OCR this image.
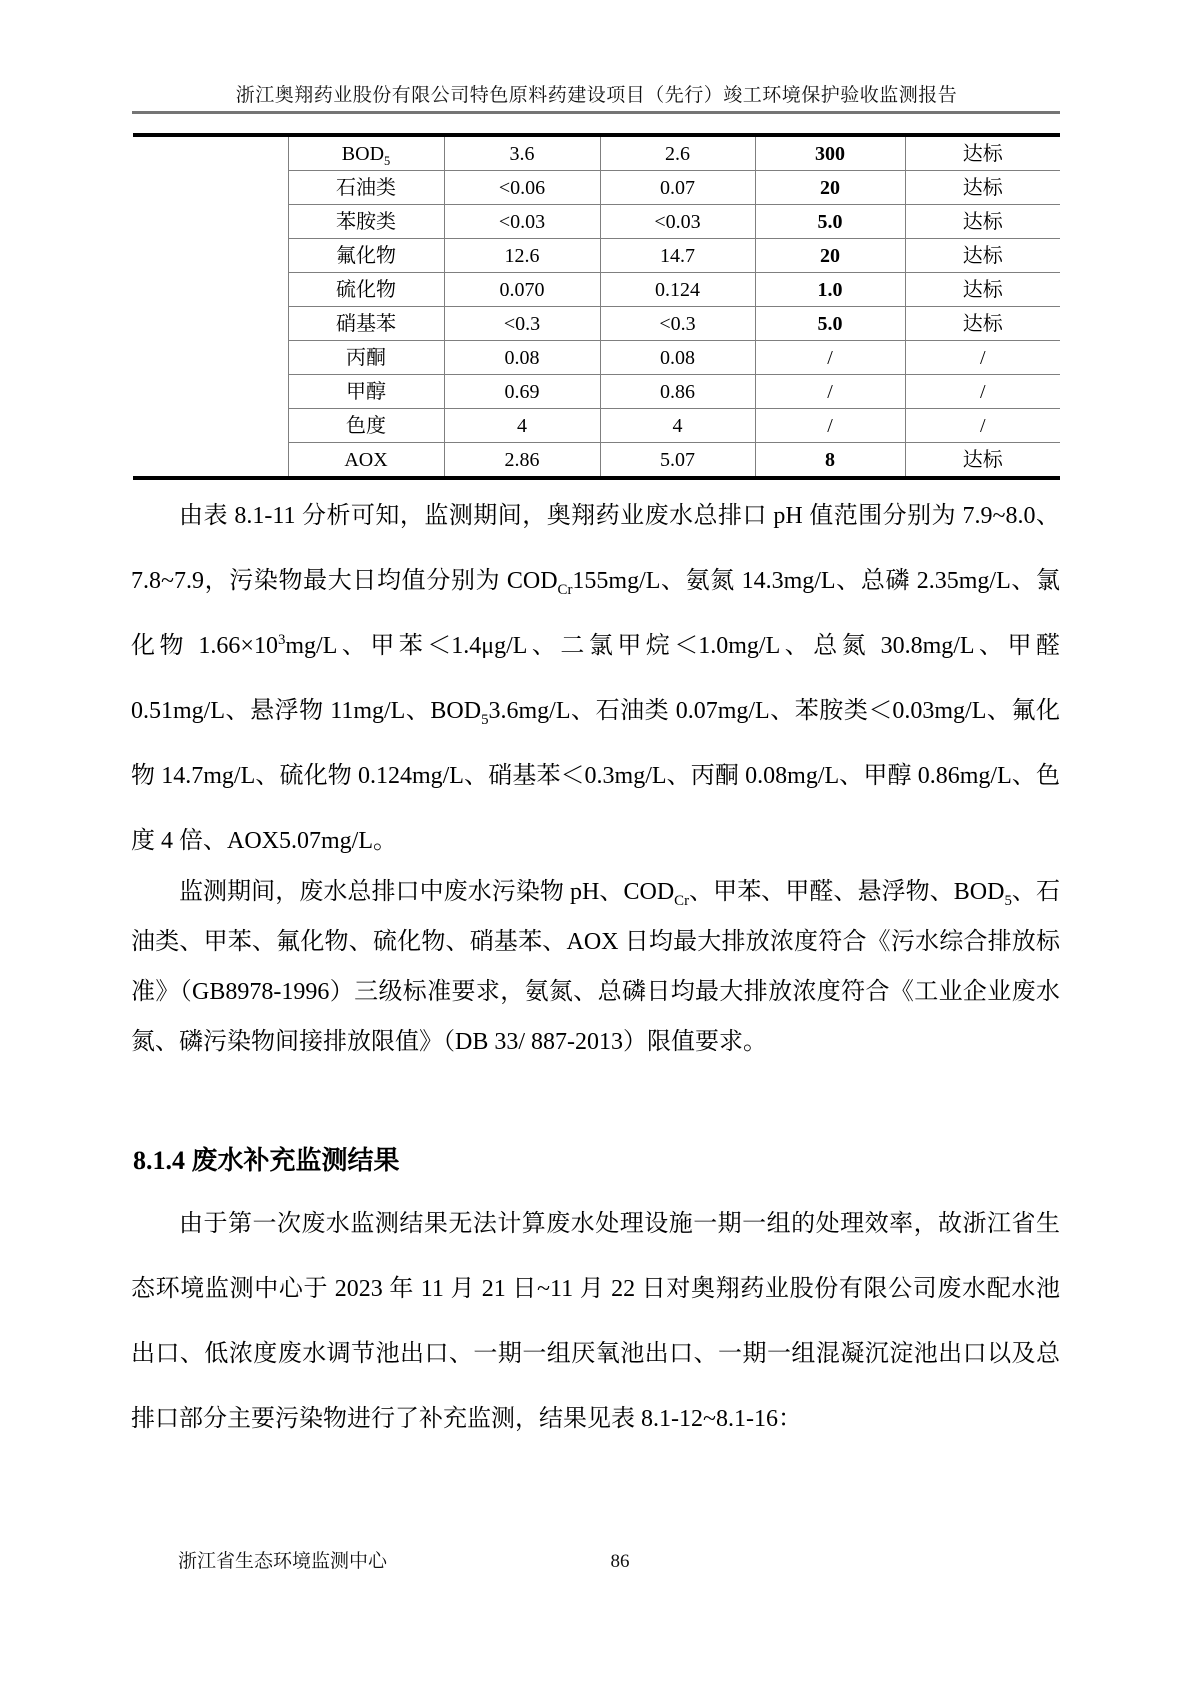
浙江奥翔药业股份有限公司特色原料药建设项目（先行）竣工环境保护验收监测报告
	$BOD_5$	3.6	2.6	300	达标
	石油类	<0.06	0.07	20	达标
	苯胺类	<0.03	<0.03	5.0	达标
	氟化物	12.6	14.7	20	达标
	硫化物	0.070	0.124	1.0	达标
	硝基苯	<0.3	<0.3	5.0	达标
	丙酮	0.08	0.08	/	/
	甲醇	0.69	0.86	/	/
	色度	4	4	/	/
	AOX	2.86	5.07	8	达标

由表 8.1-11 分析可知，监测期间，奥翔药业废水总排口 pH 值范围分别为 7.9~8.0、7.8~7.9，污染物最大日均值分别为 $COD_{Cr}155mg/L$、氨氮 14.3mg/L、总磷 2.35mg/L、氯化物 $1.66\times 10^3mg/L$、甲苯＜1.4μg/L、二氯甲烷＜1.0mg/L、总氮 30.8mg/L、甲醛 0.51mg/L、悬浮物 11mg/L、$BOD_53.6mg/L$、石油类 0.07mg/L、苯胺类＜0.03mg/L、氟化物 14.7mg/L、硫化物 0.124mg/L、硝基苯＜0.3mg/L、丙酮 0.08mg/L、甲醇 0.86mg/L、色度 4 倍、AOX5.07mg/L。

监测期间，废水总排口中废水污染物 pH、$COD_{Cr}$、甲苯、甲醛、悬浮物、$BOD_5$、石油类、甲苯、氟化物、硫化物、硝基苯、AOX 日均最大排放浓度符合《污水综合排放标准》（GB8978-1996）三级标准要求，氨氮、总磷日均最大排放浓度符合《工业企业废水氮、磷污染物间接排放限值》（DB 33/ 887-2013）限值要求。

8.1.4 废水补充监测结果

由于第一次废水监测结果无法计算废水处理设施一期一组的处理效率，故浙江省生态环境监测中心于 2023 年 11 月 21 日~11 月 22 日对奥翔药业股份有限公司废水配水池出口、低浓度废水调节池出口、一期一组厌氧池出口、一期一组混凝沉淀池出口以及总排口部分主要污染物进行了补充监测，结果见表 8.1-12~8.1-16：

浙江省生态环境监测中心	86
